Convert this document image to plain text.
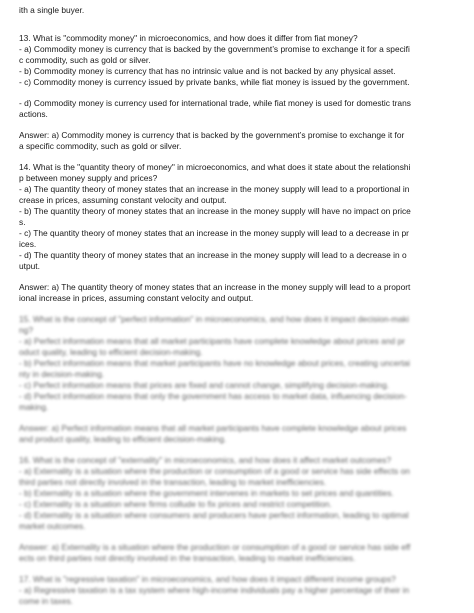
ith a single buyer.
13. What is "commodity money" in microeconomics, and how does it differ from fiat money?
- a) Commodity money is currency that is backed by the government’s promise to exchange it for a specifi
c commodity, such as gold or silver.
- b) Commodity money is currency that has no intrinsic value and is not backed by any physical asset.
- c) Commodity money is currency issued by private banks, while fiat money is issued by the government.
- d) Commodity money is currency used for international trade, while fiat money is used for domestic trans
actions.
Answer: a) Commodity money is currency that is backed by the government’s promise to exchange it for
a specific commodity, such as gold or silver.
14. What is the "quantity theory of money" in microeconomics, and what does it state about the relationshi
p between money supply and prices?
- a) The quantity theory of money states that an increase in the money supply will lead to a proportional in
crease in prices, assuming constant velocity and output.
- b) The quantity theory of money states that an increase in the money supply will have no impact on price
s.
- c) The quantity theory of money states that an increase in the money supply will lead to a decrease in pr
ices.
- d) The quantity theory of money states that an increase in the money supply will lead to a decrease in o
utput.
Answer: a) The quantity theory of money states that an increase in the money supply will lead to a proport
ional increase in prices, assuming constant velocity and output.
15. What is the concept of "perfect information" in microeconomics, and how does it impact decision-maki
ng?
- a) Perfect information means that all market participants have complete knowledge about prices and pr
oduct quality, leading to efficient decision-making.
- b) Perfect information means that market participants have no knowledge about prices, creating uncertai
nty in decision-making.
- c) Perfect information means that prices are fixed and cannot change, simplifying decision-making.
- d) Perfect information means that only the government has access to market data, influencing decision-
making.
Answer: a) Perfect information means that all market participants have complete knowledge about prices
and product quality, leading to efficient decision-making.
16. What is the concept of "externality" in microeconomics, and how does it affect market outcomes?
- a) Externality is a situation where the production or consumption of a good or service has side effects on
third parties not directly involved in the transaction, leading to market inefficiencies.
- b) Externality is a situation where the government intervenes in markets to set prices and quantities.
- c) Externality is a situation where firms collude to fix prices and restrict competition.
- d) Externality is a situation where consumers and producers have perfect information, leading to optimal
market outcomes.
Answer: a) Externality is a situation where the production or consumption of a good or service has side eff
ects on third parties not directly involved in the transaction, leading to market inefficiencies.
17. What is "regressive taxation" in microeconomics, and how does it impact different income groups?
- a) Regressive taxation is a tax system where high-income individuals pay a higher percentage of their in
come in taxes.
